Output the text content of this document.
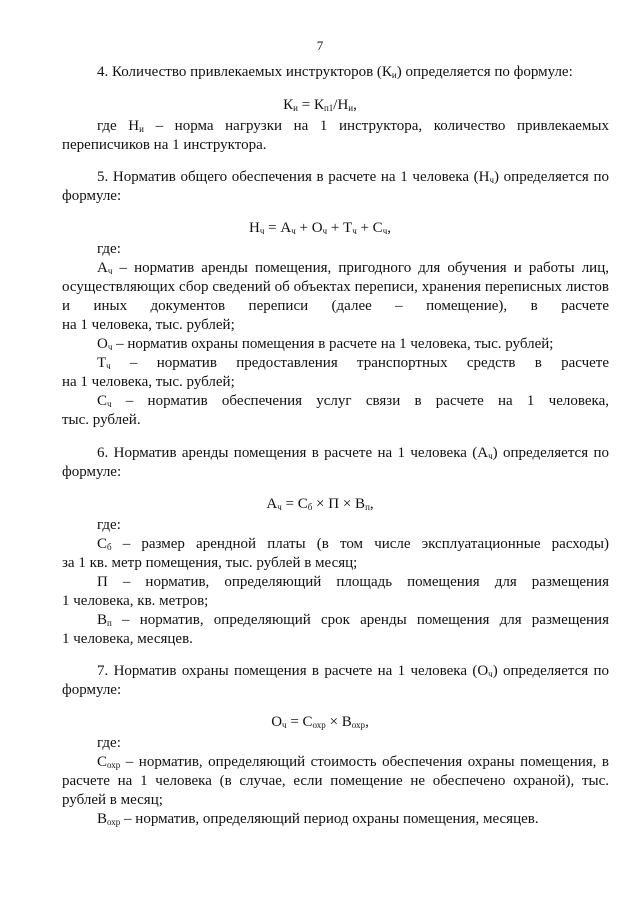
7
4. Количество привлекаемых инструкторов $(К_и)$ определяется по формуле:
$К_и = К_{п1}/Н_и$,
где $Н_и$ – норма нагрузки на 1 инструктора, количество привлекаемых
переписчиков на 1 инструктора.
5. Норматив общего обеспечения в расчете на 1 человека $(Н_ч)$ определяется по
формуле:
$Н_ч = А_ч + О_ч + Т_ч + С_ч$,
где:
$А_ч$ – норматив аренды помещения, пригодного для обучения и работы лиц,
осуществляющих сбор сведений об объектах переписи, хранения переписных листов
и иных документов переписи (далее – помещение), в расчете
на 1 человека, тыс. рублей;
$О_ч$ – норматив охраны помещения в расчете на 1 человека, тыс. рублей;
$Т_ч$ – норматив предоставления транспортных средств в расчете
на 1 человека, тыс. рублей;
$С_ч$ – норматив обеспечения услуг связи в расчете на 1 человека,
тыс. рублей.
6. Норматив аренды помещения в расчете на 1 человека $(А_ч)$ определяется по
формуле:
$А_ч = С_б \times П \times В_п$,
где:
$С_б$ – размер арендной платы (в том числе эксплуатационные расходы)
за 1 кв. метр помещения, тыс. рублей в месяц;
П – норматив, определяющий площадь помещения для размещения
1 человека, кв. метров;
$В_п$ – норматив, определяющий срок аренды помещения для размещения
1 человека, месяцев.
7. Норматив охраны помещения в расчете на 1 человека $(О_ч)$ определяется по
формуле:
$О_ч = С_{охр} \times В_{охр}$,
где:
$С_{охр}$ – норматив, определяющий стоимость обеспечения охраны помещения, в
расчете на 1 человека (в случае, если помещение не обеспечено охраной), тыс.
рублей в месяц;
$В_{охр}$ – норматив, определяющий период охраны помещения, месяцев.
